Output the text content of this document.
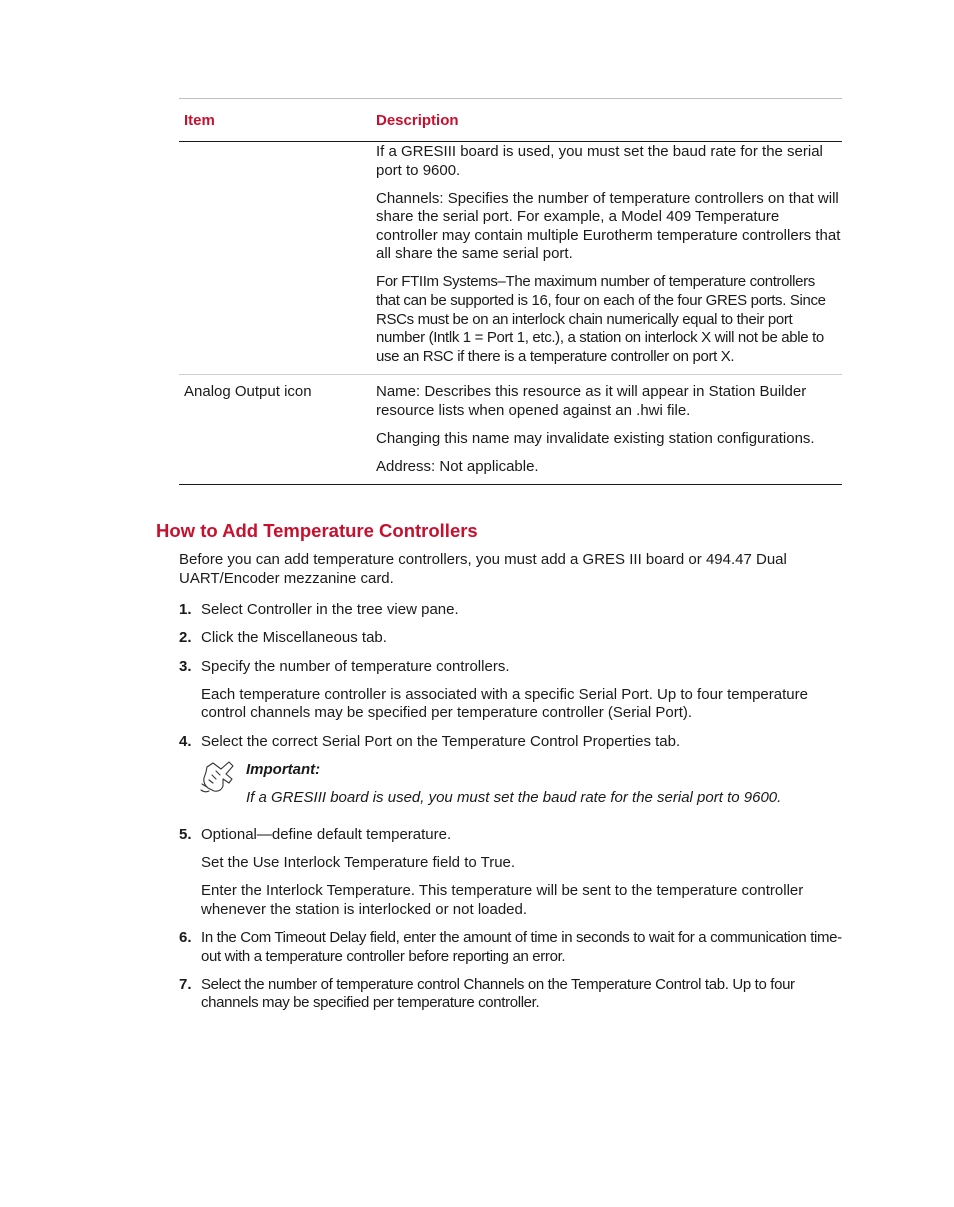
Item	Description

If a GRESIII board is used, you must set the baud rate for the serial port to 9600.

Channels: Specifies the number of temperature controllers on that will share the serial port. For example, a Model 409 Temperature controller may contain multiple Eurotherm temperature controllers that all share the same serial port.

For FTIIm Systems–The maximum number of temperature controllers that can be supported is 16, four on each of the four GRES ports. Since RSCs must be on an interlock chain numerically equal to their port number (Intlk 1 = Port 1, etc.), a station on interlock X will not be able to use an RSC if there is a temperature controller on port X.

Analog Output icon	Name: Describes this resource as it will appear in Station Builder resource lists when opened against an .hwi file.

Changing this name may invalidate existing station configurations.

Address: Not applicable.

How to Add Temperature Controllers

Before you can add temperature controllers, you must add a GRES III board or 494.47 Dual UART/Encoder mezzanine card.

1. Select Controller in the tree view pane.

2. Click the Miscellaneous tab.

3. Specify the number of temperature controllers.

Each temperature controller is associated with a specific Serial Port. Up to four temperature control channels may be specified per temperature controller (Serial Port).

4. Select the correct Serial Port on the Temperature Control Properties tab.

Important:

If a GRESIII board is used, you must set the baud rate for the serial port to 9600.

5. Optional—define default temperature.

Set the Use Interlock Temperature field to True.

Enter the Interlock Temperature. This temperature will be sent to the temperature controller whenever the station is interlocked or not loaded.

6. In the Com Timeout Delay field, enter the amount of time in seconds to wait for a communication time-out with a temperature controller before reporting an error.

7. Select the number of temperature control Channels on the Temperature Control tab. Up to four channels may be specified per temperature controller.
